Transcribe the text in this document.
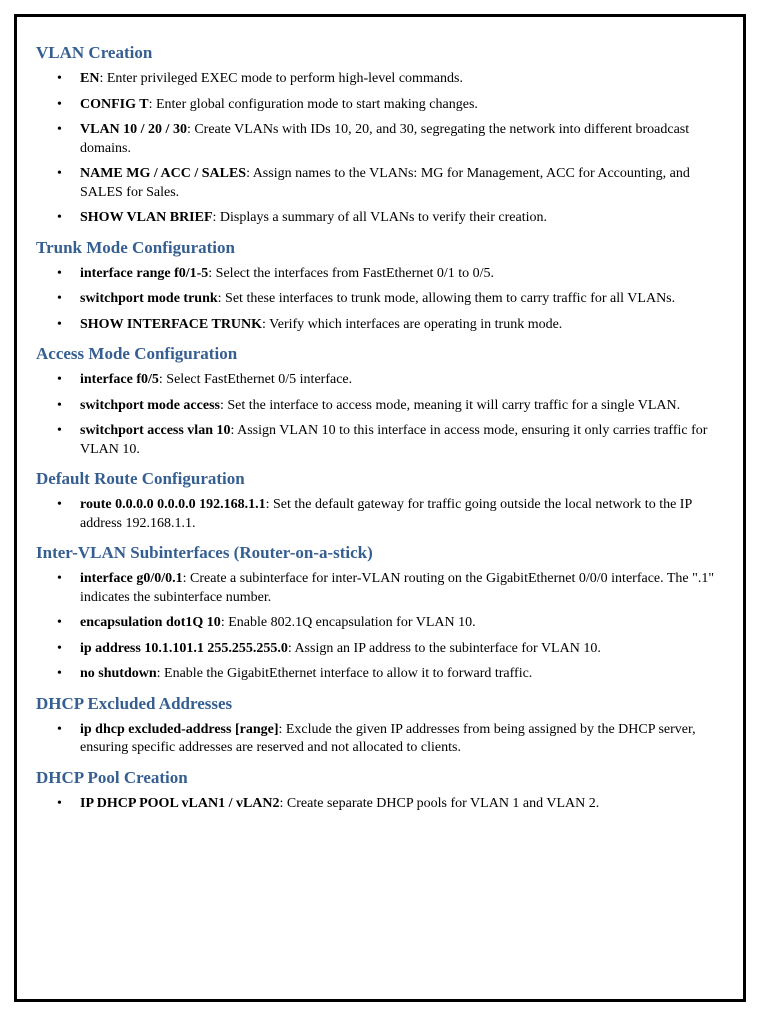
VLAN Creation
• EN: Enter privileged EXEC mode to perform high-level commands.
• CONFIG T: Enter global configuration mode to start making changes.
• VLAN 10 / 20 / 30: Create VLANs with IDs 10, 20, and 30, segregating the network into different broadcast domains.
• NAME MG / ACC / SALES: Assign names to the VLANs: MG for Management, ACC for Accounting, and SALES for Sales.
• SHOW VLAN BRIEF: Displays a summary of all VLANs to verify their creation.
Trunk Mode Configuration
• interface range f0/1-5: Select the interfaces from FastEthernet 0/1 to 0/5.
• switchport mode trunk: Set these interfaces to trunk mode, allowing them to carry traffic for all VLANs.
• SHOW INTERFACE TRUNK: Verify which interfaces are operating in trunk mode.
Access Mode Configuration
• interface f0/5: Select FastEthernet 0/5 interface.
• switchport mode access: Set the interface to access mode, meaning it will carry traffic for a single VLAN.
• switchport access vlan 10: Assign VLAN 10 to this interface in access mode, ensuring it only carries traffic for VLAN 10.
Default Route Configuration
• route 0.0.0.0 0.0.0.0 192.168.1.1: Set the default gateway for traffic going outside the local network to the IP address 192.168.1.1.
Inter-VLAN Subinterfaces (Router-on-a-stick)
• interface g0/0/0.1: Create a subinterface for inter-VLAN routing on the GigabitEthernet 0/0/0 interface. The ".1" indicates the subinterface number.
• encapsulation dot1Q 10: Enable 802.1Q encapsulation for VLAN 10.
• ip address 10.1.101.1 255.255.255.0: Assign an IP address to the subinterface for VLAN 10.
• no shutdown: Enable the GigabitEthernet interface to allow it to forward traffic.
DHCP Excluded Addresses
• ip dhcp excluded-address [range]: Exclude the given IP addresses from being assigned by the DHCP server, ensuring specific addresses are reserved and not allocated to clients.
DHCP Pool Creation
• IP DHCP POOL vLAN1 / vLAN2: Create separate DHCP pools for VLAN 1 and VLAN 2.
